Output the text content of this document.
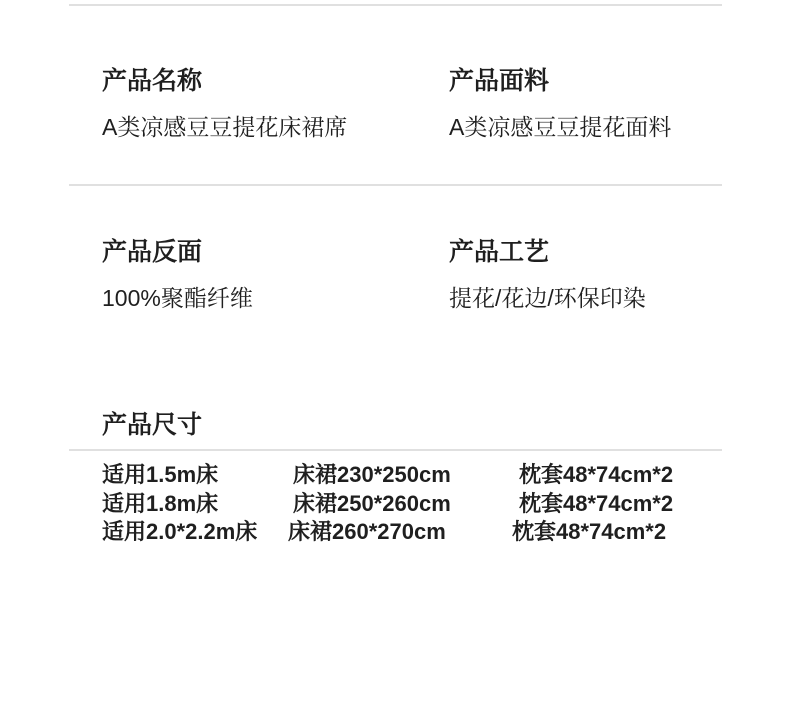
产品名称

A类凉感豆豆提花床裙席

产品面料

A类凉感豆豆提花面料

产品反面

100%聚酯纤维

产品工艺

提花/花边/环保印染

产品尺寸
适用1.5m床	床裙230*250cm	枕套48*74cm*2
适用1.8m床	床裙250*260cm	枕套48*74cm*2
适用2.0*2.2m床 床裙260*270cm	枕套48*74cm*2
